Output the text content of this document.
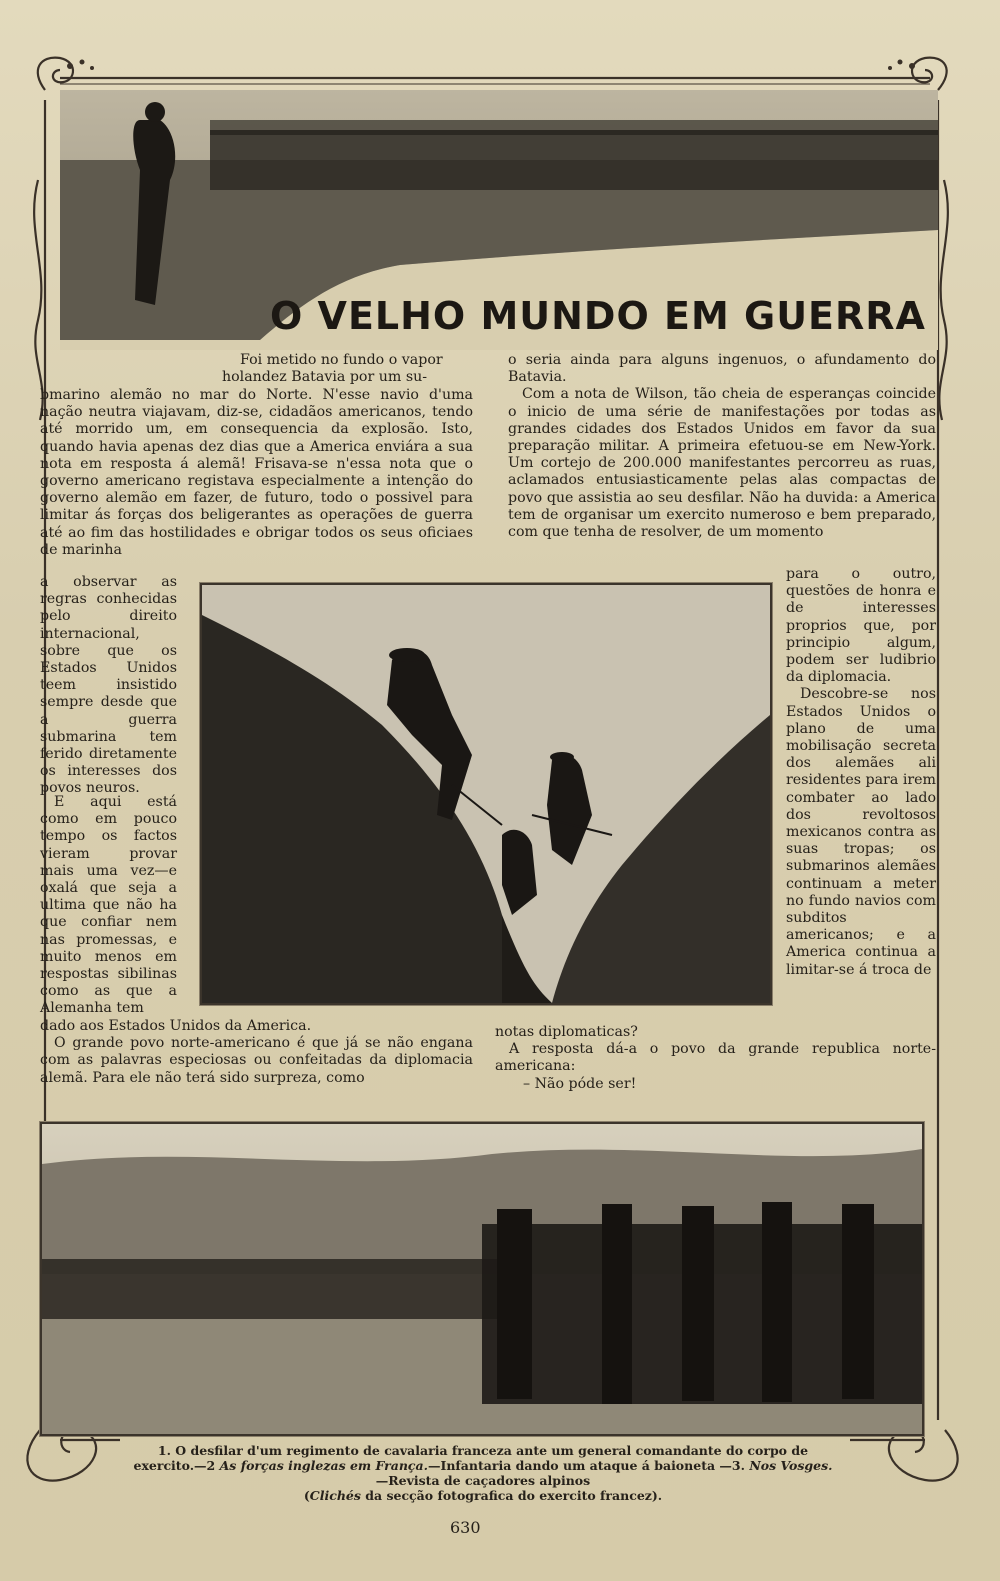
O VELHO MUNDO EM GUERRA
Foi metido no fundo o vapor
holandez Batavia por um su-

bmarino alemão no mar do Norte. N'esse navio d'uma nação neutra viajavam, diz-se, cidadãos americanos, tendo até morrido um, em consequencia da explosão. Isto, quando havia apenas dez dias que a America enviára a sua nota em resposta á alemã! Frisava-se n'essa nota que o governo americano registava especialmente a intenção do governo alemão em fazer, de futuro, todo o possivel para limitar ás forças dos beligerantes as operações de guerra até ao fim das hostilidades e obrigar todos os seus oficiaes de marinha

a observar as regras conhecidas pelo direito internacional, sobre que os Estados Unidos teem insistido sempre desde que a guerra submarina tem ferido diretamente os interesses dos povos neuros.

E aqui está como em pouco tempo os factos vieram provar mais uma vez—e oxalá que seja a ultima que não ha que confiar nem nas promessas, e muito menos em respostas sibilinas como as que a Alemanha tem

dado aos Estados Unidos da America.

O grande povo norte-americano é que já se não engana com as palavras especiosas ou confeitadas da diplomacia alemã. Para ele não terá sido surpreza, como

o seria ainda para alguns ingenuos, o afundamento do Batavia.

Com a nota de Wilson, tão cheia de esperanças coincide o inicio de uma série de manifestações por todas as grandes cidades dos Estados Unidos em favor da sua preparação militar. A primeira efetuou-se em New-York. Um cortejo de 200.000 manifestantes percorreu as ruas, aclamados entusiasticamente pelas alas compactas de povo que assistia ao seu desfilar. Não ha duvida: a America tem de organisar um exercito numeroso e bem preparado, com que tenha de resolver, de um momento

para o outro, questões de honra e de interesses proprios que, por principio algum, podem ser ludibrio da diplomacia.

Descobre-se nos Estados Unidos o plano de uma mobilisação secreta dos alemães ali residentes para irem combater ao lado dos revoltosos mexicanos contra as suas tropas; os submarinos alemães continuam a meter no fundo navios com subditos americanos; e a America continua a limitar-se á troca de

notas diplomaticas?

A resposta dá-a o povo da grande republica norte-americana:

– Não póde ser!

1. O desfilar d'um regimento de cavalaria franceza ante um general comandante do corpo de exercito.—2 As forças inglezas em França.—Infantaria dando um ataque á baioneta —3. Nos Vosges.—Revista de caçadores alpinos
(Clichés da secção fotografica do exercito francez).
630
